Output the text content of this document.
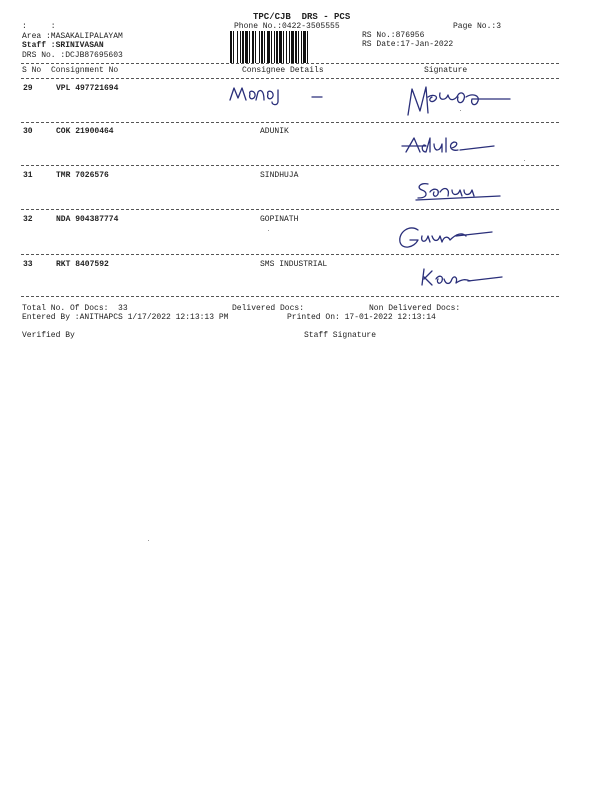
TPC/CJB  DRS - PCS
Phone No.:0422-3505555	Page No.:3
:     :
Area :MASAKALIPALAYAM
Staff :SRINIVASAN
DRS No. :DCJB87695603
RS No.:876956
RS Date:17-Jan-2022
S No Consignment No	Consignee Details	Signature
29	VPL 497721694
30	COK 21900464	ADUNIK
31	TMR 7026576	SINDHUJA
32	NDA 904387774	GOPINATH
33	RKT 8407592	SMS INDUSTRIAL
Total No. Of Docs:  33	Delivered Docs:	Non Delivered Docs:
Entered By :ANITHAPCS 1/17/2022 12:13:13 PM	Printed On: 17-01-2022 12:13:14
Verified By	Staff Signature
